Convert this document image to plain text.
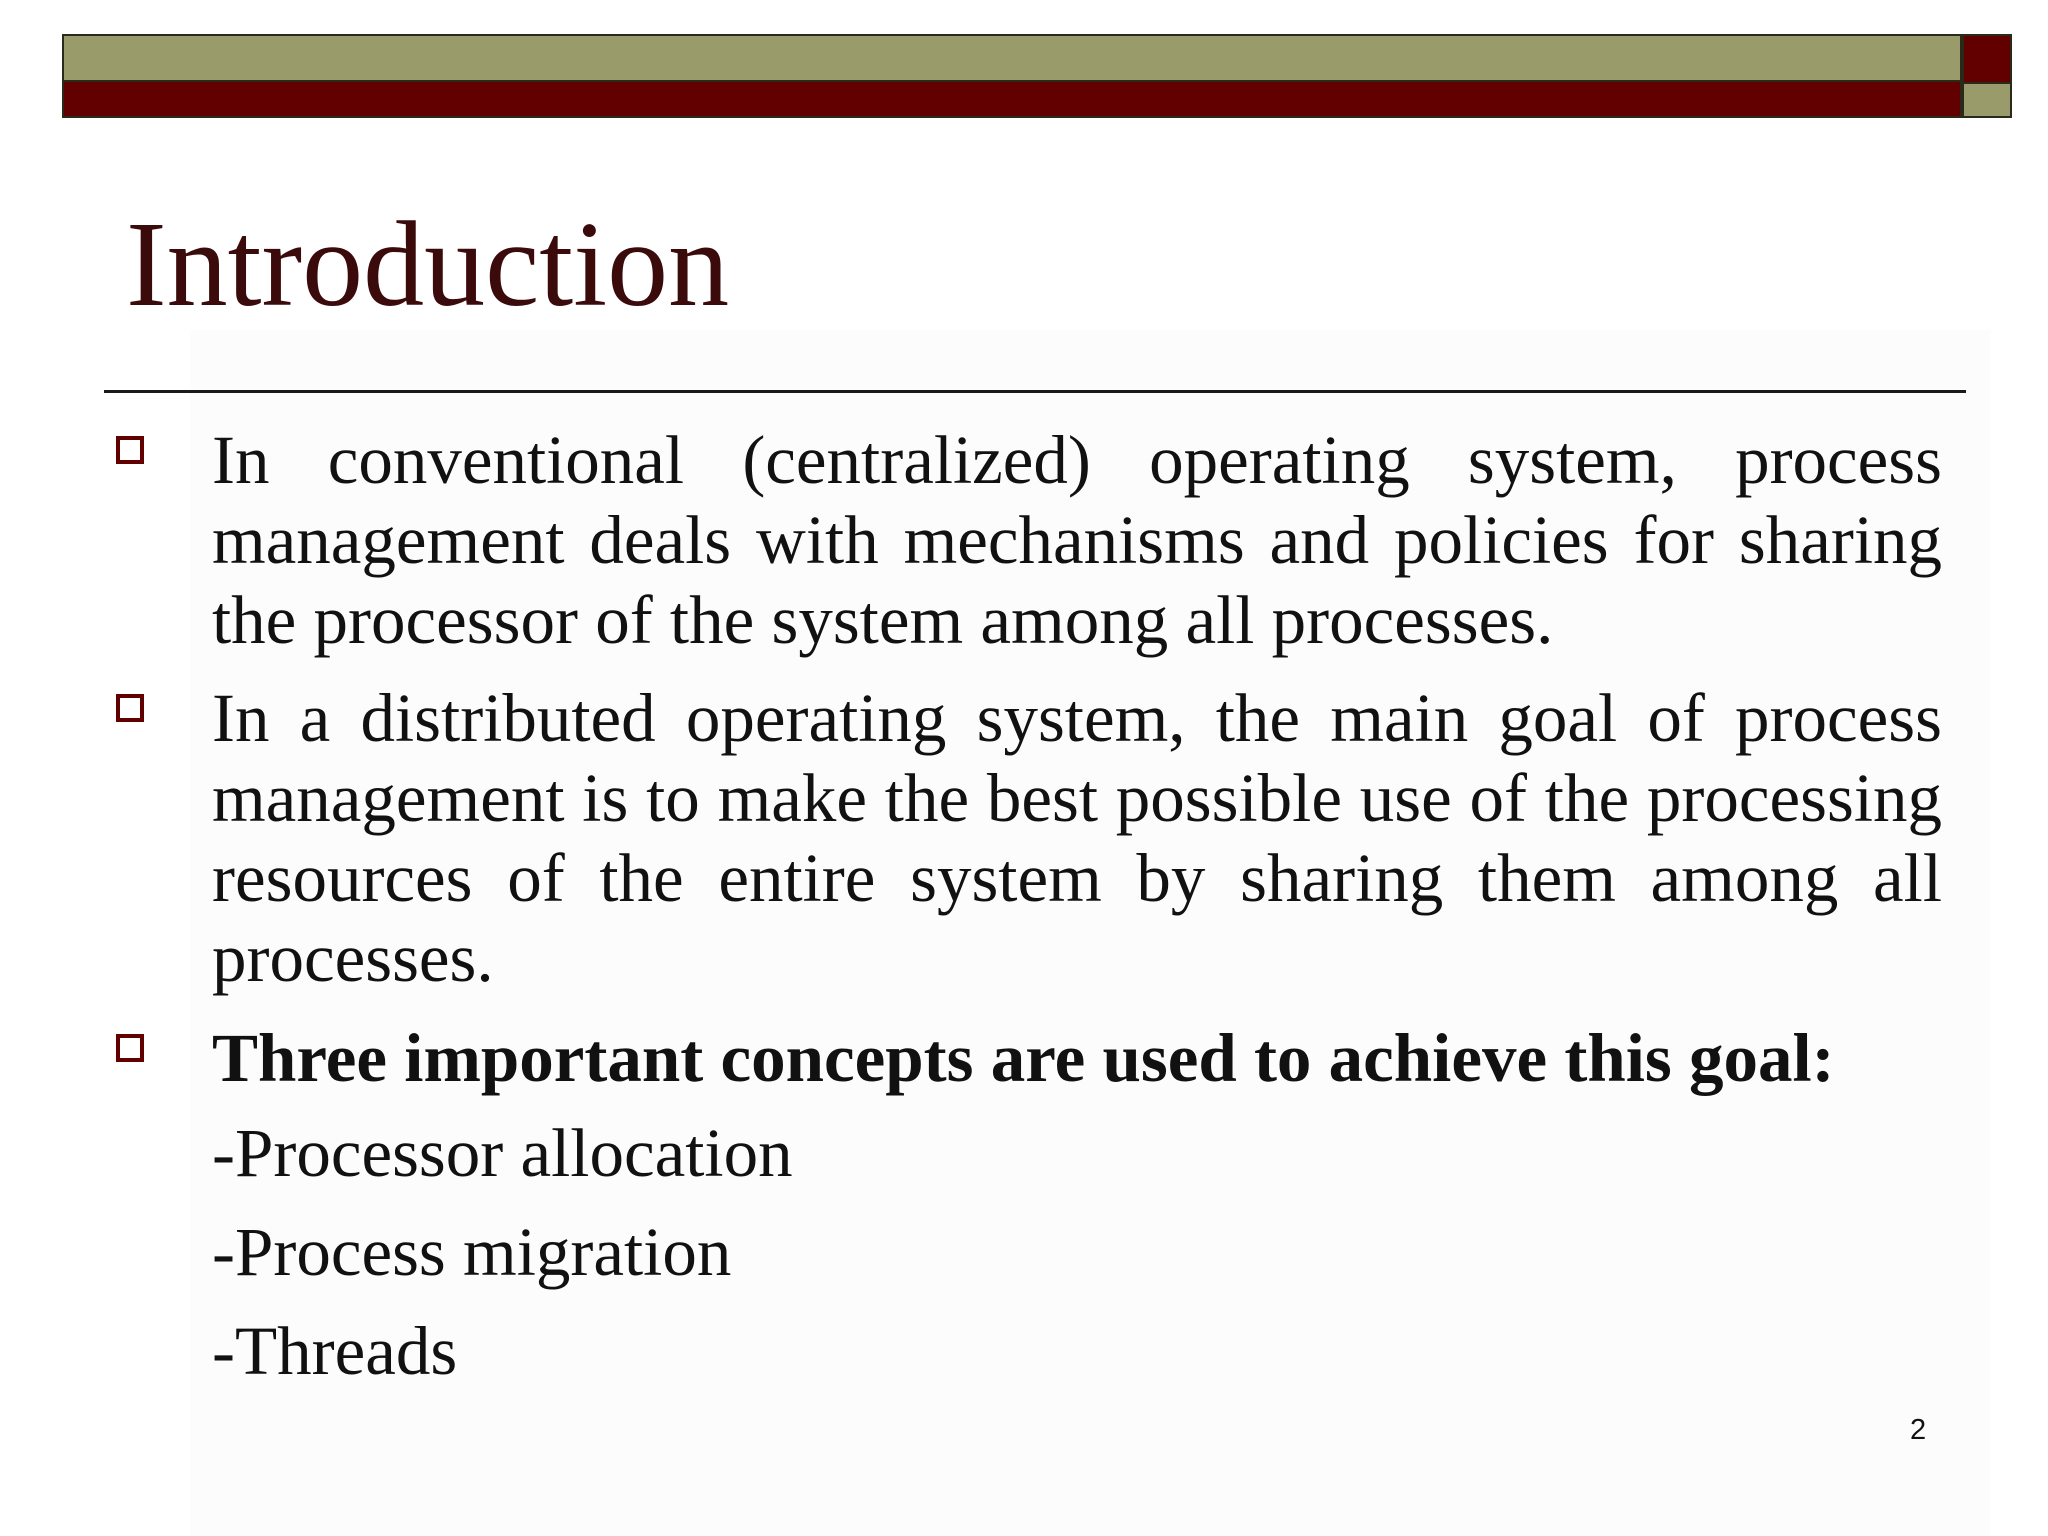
Introduction

In conventional (centralized) operating system, process management deals with mechanisms and policies for sharing the processor of the system among all processes.

In a distributed operating system, the main goal of process management is to make the best possible use of the processing resources of the entire system by sharing them among all processes.

Three important concepts are used to achieve this goal:

-Processor allocation
-Process migration
-Threads
2
